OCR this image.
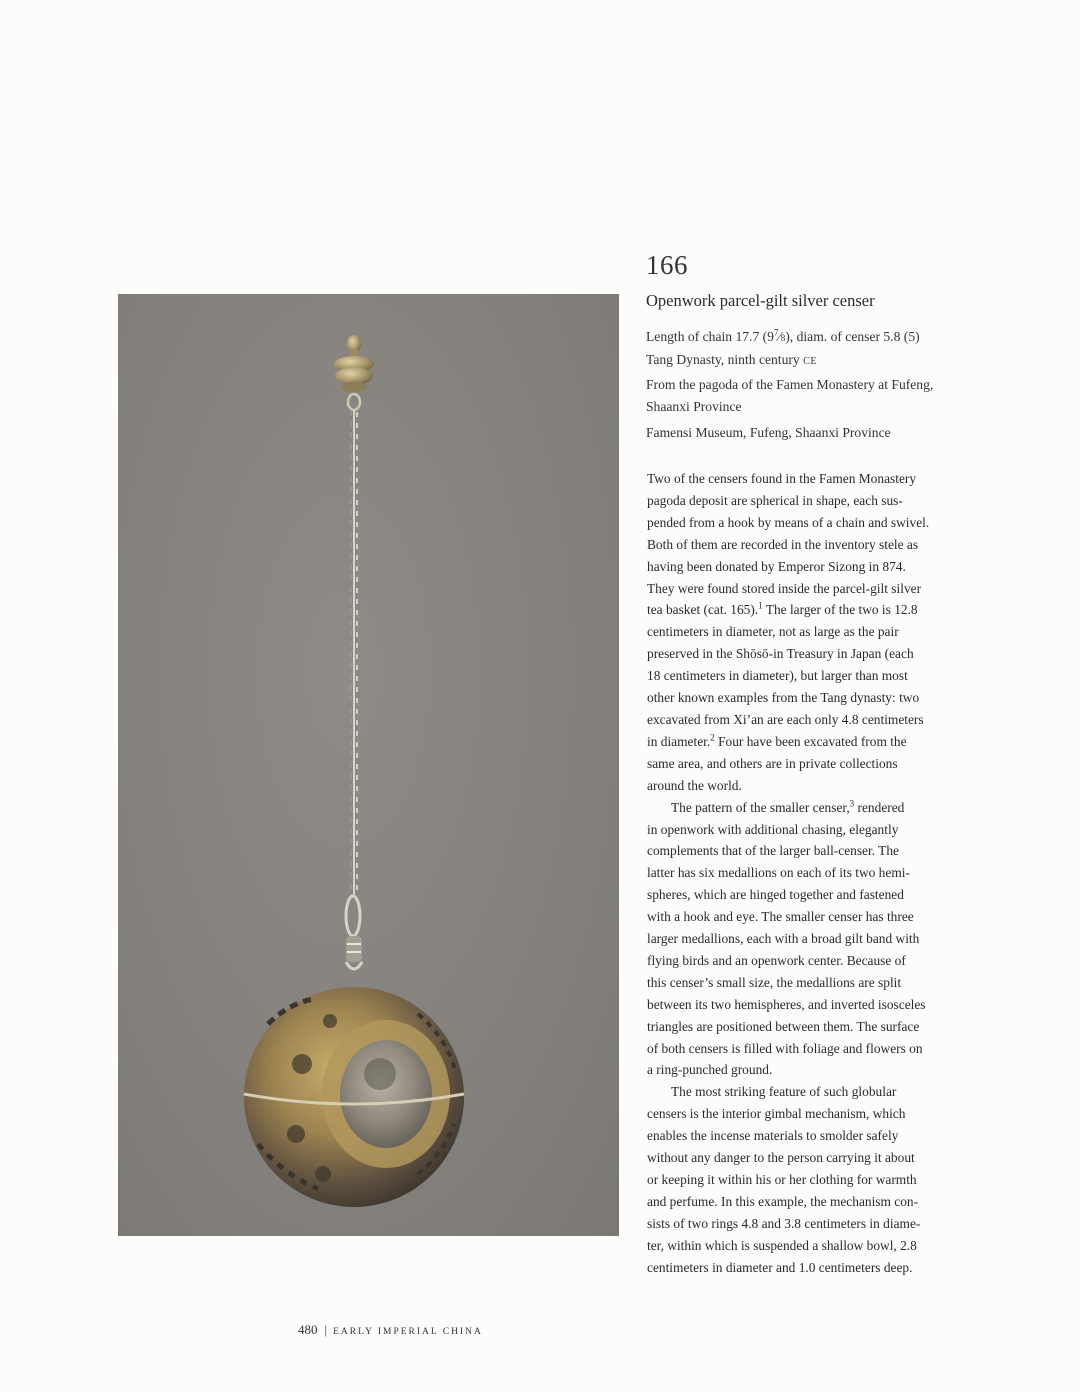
166
Openwork parcel-gilt silver censer
Length of chain 17.7 $(9^7⁄8)$, diam. of censer 5.8 (5)
Tang Dynasty, ninth century CE
From the pagoda of the Famen Monastery at Fufeng,
Shaanxi Province
Famensi Museum, Fufeng, Shaanxi Province
Two of the censers found in the Famen Monastery
pagoda deposit are spherical in shape, each sus-
pended from a hook by means of a chain and swivel.
Both of them are recorded in the inventory stele as
having been donated by Emperor Sizong in 874.
They were found stored inside the parcel-gilt silver
tea basket (cat. 165).$^1$ The larger of the two is 12.8
centimeters in diameter, not as large as the pair
preserved in the Shōsō-in Treasury in Japan (each
18 centimeters in diameter), but larger than most
other known examples from the Tang dynasty: two
excavated from Xi’an are each only 4.8 centimeters
in diameter.$^2$ Four have been excavated from the
same area, and others are in private collections
around the world.
The pattern of the smaller censer,$^3$ rendered
in openwork with additional chasing, elegantly
complements that of the larger ball-censer. The
latter has six medallions on each of its two hemi-
spheres, which are hinged together and fastened
with a hook and eye. The smaller censer has three
larger medallions, each with a broad gilt band with
flying birds and an openwork center. Because of
this censer’s small size, the medallions are split
between its two hemispheres, and inverted isosceles
triangles are positioned between them. The surface
of both censers is filled with foliage and flowers on
a ring-punched ground.
The most striking feature of such globular
censers is the interior gimbal mechanism, which
enables the incense materials to smolder safely
without any danger to the person carrying it about
or keeping it within his or her clothing for warmth
and perfume. In this example, the mechanism con-
sists of two rings 4.8 and 3.8 centimeters in diame-
ter, within which is suspended a shallow bowl, 2.8
centimeters in diameter and 1.0 centimeters deep.
480 | EARLY IMPERIAL CHINA
